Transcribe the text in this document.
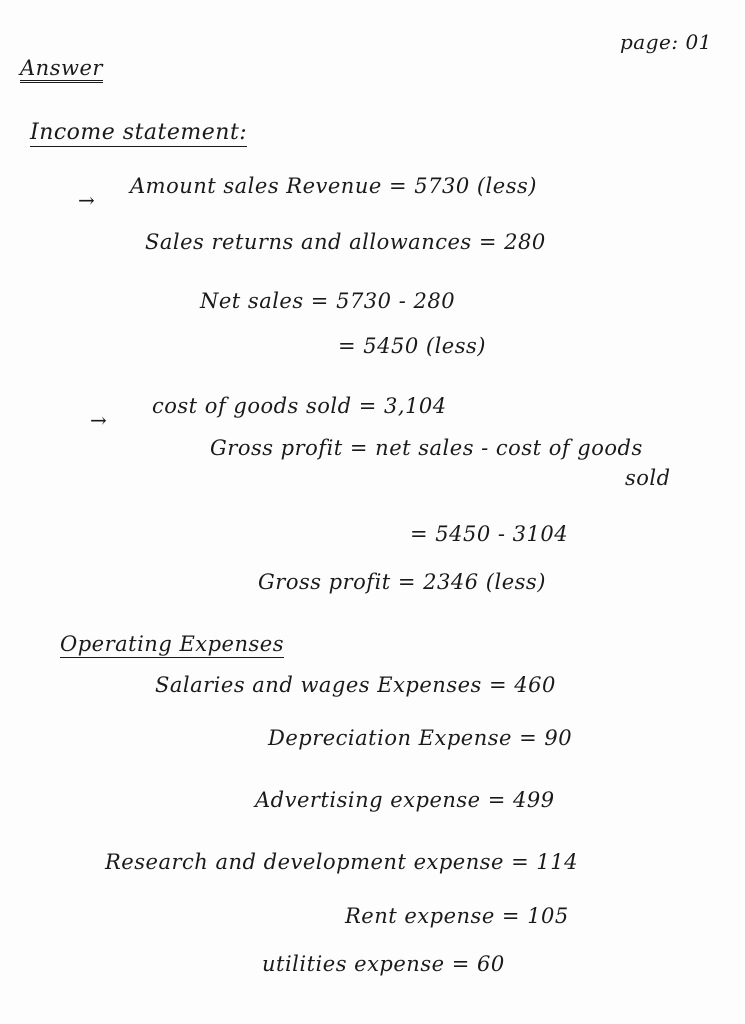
page: 01
Answer
Income statement:
→
Amount sales Revenue = 5730 (less)
Sales returns and allowances = 280
Net sales = 5730 - 280
= 5450 (less)
→
cost of goods sold = 3,104
Gross profit = net sales - cost of goods
sold
= 5450 - 3104
Gross profit = 2346 (less)
Operating Expenses
Salaries and wages Expenses = 460
Depreciation Expense = 90
Advertising expense = 499
Research and development expense = 114
Rent expense = 105
utilities expense = 60
